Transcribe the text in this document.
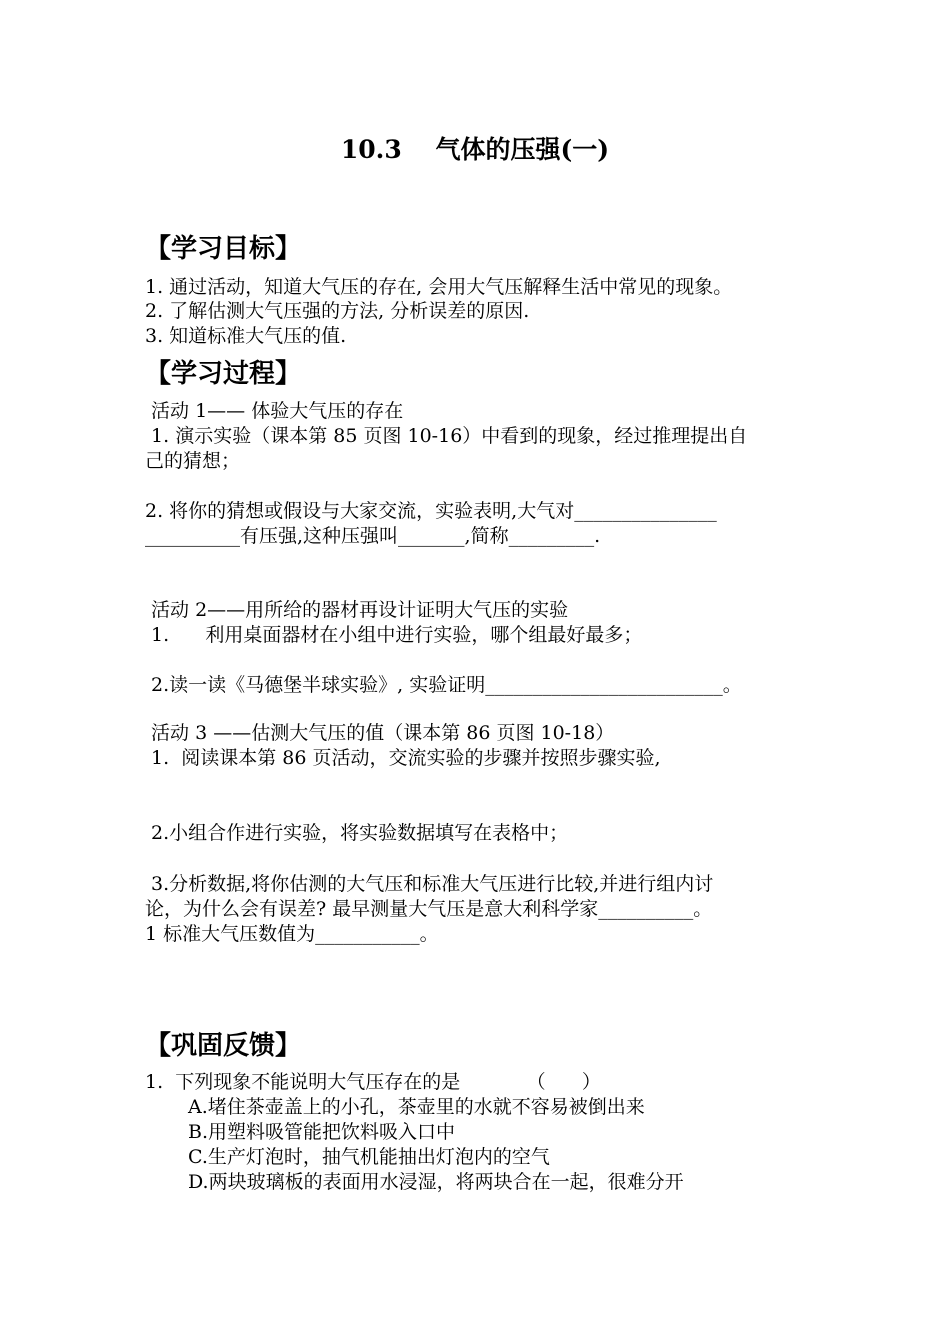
10.3　 气体的压强(一)
【学习目标】
1. 通过活动，知道大气压的存在, 会用大气压解释生活中常见的现象。
2. 了解估测大气压强的方法, 分析误差的原因.
3. 知道标准大气压的值.
【学习过程】
活动 1—— 体验大气压的存在
1. 演示实验（课本第 85 页图 10-16）中看到的现象，经过推理提出自
己的猜想；
2. 将你的猜想或假设与大家交流，实验表明,大气对_______________
__________有压强,这种压强叫_______,简称_________.
活动 2——用所给的器材再设计证明大气压的实验
1.      利用桌面器材在小组中进行实验，哪个组最好最多；
2.读一读《马德堡半球实验》, 实验证明_________________________。
活动 3 ——估测大气压的值（课本第 86 页图 10-18）
1.  阅读课本第 86 页活动，交流实验的步骤并按照步骤实验,
2.小组合作进行实验，将实验数据填写在表格中；
3.分析数据,将你估测的大气压和标准大气压进行比较,并进行组内讨
论，为什么会有误差? 最早测量大气压是意大利科学家__________。
1 标准大气压数值为___________。
【巩固反馈】
1.  下列现象不能说明大气压存在的是           （      ）
A.堵住茶壶盖上的小孔，茶壶里的水就不容易被倒出来
B.用塑料吸管能把饮料吸入口中
C.生产灯泡时，抽气机能抽出灯泡内的空气
D.两块玻璃板的表面用水浸湿，将两块合在一起，很难分开
